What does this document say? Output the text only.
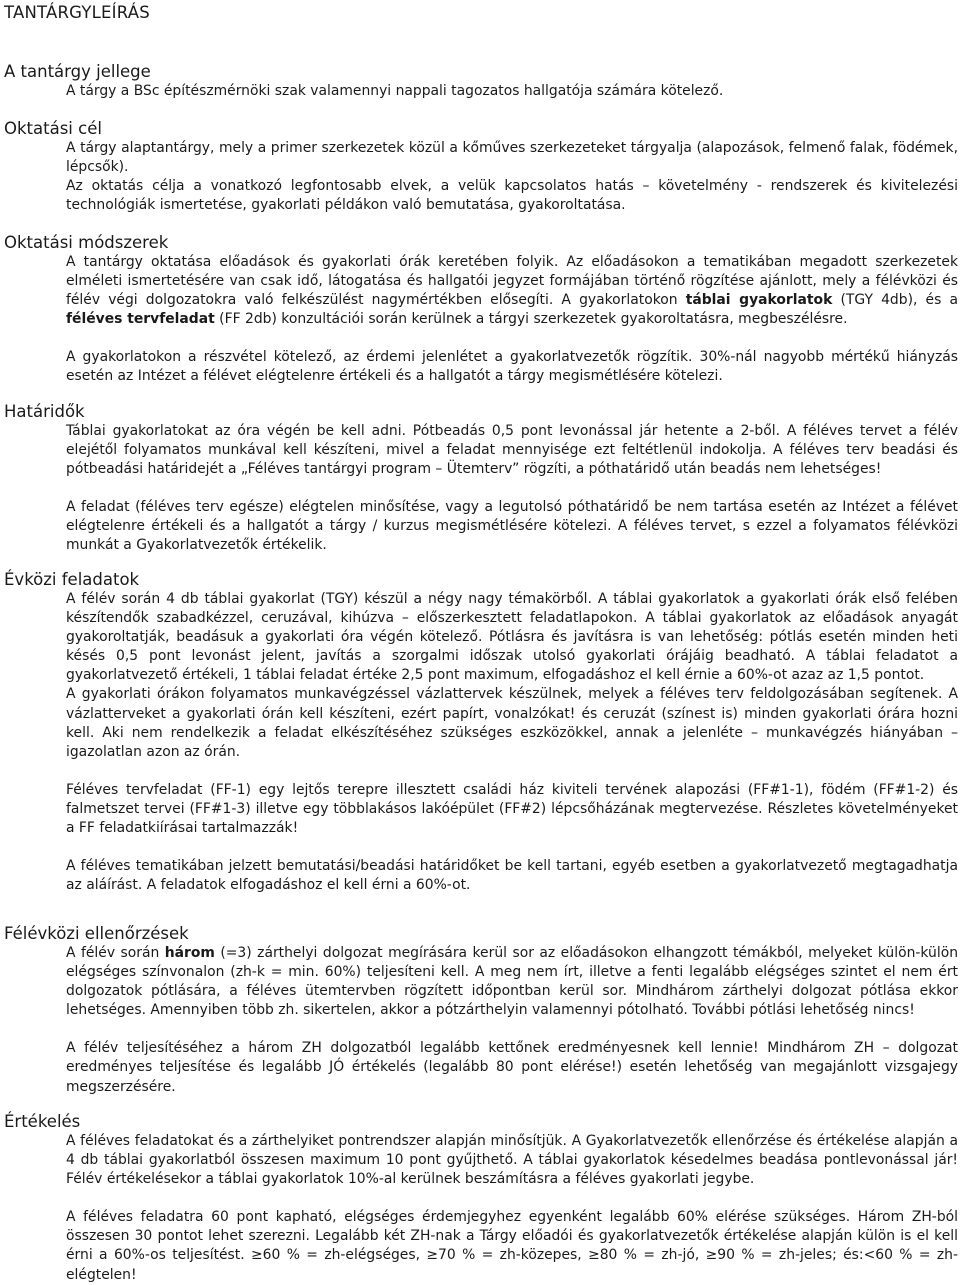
TANTÁRGYLEÍRÁS
A tantárgy jellege

A tárgy a BSc építészmérnöki szak valamennyi nappali tagozatos hallgatója számára kötelező.

Oktatási cél

A tárgy alaptantárgy, mely a primer szerkezetek közül a kőműves szerkezeteket tárgyalja (alapozások, felmenő falak, födémek, lépcsők).

Az oktatás célja a vonatkozó legfontosabb elvek, a velük kapcsolatos hatás – követelmény - rendszerek és kivitelezési technológiák ismertetése, gyakorlati példákon való bemutatása, gyakoroltatása.

Oktatási módszerek

A tantárgy oktatása előadások és gyakorlati órák keretében folyik. Az előadásokon a tematikában megadott szerkezetek elméleti ismertetésére van csak idő, látogatása és hallgatói jegyzet formájában történő rögzítése ajánlott, mely a félévközi és félév végi dolgozatokra való felkészülést nagymértékben elősegíti. A gyakorlatokon táblai gyakorlatok (TGY 4db), és a féléves tervfeladat (FF 2db) konzultációi során kerülnek a tárgyi szerkezetek gyakoroltatásra, megbeszélésre.

A gyakorlatokon a részvétel kötelező, az érdemi jelenlétet a gyakorlatvezetők rögzítik. 30%-nál nagyobb mértékű hiányzás esetén az Intézet a félévet elégtelenre értékeli és a hallgatót a tárgy megismétlésére kötelezi.

Határidők

Táblai gyakorlatokat az óra végén be kell adni. Pótbeadás 0,5 pont levonással jár hetente a 2-ből. A féléves tervet a félév elejétől folyamatos munkával kell készíteni, mivel a feladat mennyisége ezt feltétlenül indokolja. A féléves terv beadási és pótbeadási határidejét a „Féléves tantárgyi program – Ütemterv” rögzíti, a póthatáridő után beadás nem lehetséges!

A feladat (féléves terv egésze) elégtelen minősítése, vagy a legutolsó póthatáridő be nem tartása esetén az Intézet a félévet elégtelenre értékeli és a hallgatót a tárgy / kurzus megismétlésére kötelezi. A féléves tervet, s ezzel a folyamatos félévközi munkát a Gyakorlatvezetők értékelik.

Évközi feladatok

A félév során 4 db táblai gyakorlat (TGY) készül a négy nagy témakörből. A táblai gyakorlatok a gyakorlati órák első felében készítendők szabadkézzel, ceruzával, kihúzva – előszerkesztett feladatlapokon. A táblai gyakorlatok az előadások anyagát gyakoroltatják, beadásuk a gyakorlati óra végén kötelező. Pótlásra és javításra is van lehetőség: pótlás esetén minden heti késés 0,5 pont levonást jelent, javítás a szorgalmi időszak utolsó gyakorlati órájáig beadható. A táblai feladatot a gyakorlatvezető értékeli, 1 táblai feladat értéke 2,5 pont maximum, elfogadáshoz el kell érnie a 60%-ot azaz az 1,5 pontot.

A gyakorlati órákon folyamatos munkavégzéssel vázlattervek készülnek, melyek a féléves terv feldolgozásában segítenek. A vázlatterveket a gyakorlati órán kell készíteni, ezért papírt, vonalzókat! és ceruzát (színest is) minden gyakorlati órára hozni kell. Aki nem rendelkezik a feladat elkészítéséhez szükséges eszközökkel, annak a jelenléte – munkavégzés hiányában – igazolatlan azon az órán.

Féléves tervfeladat (FF-1) egy lejtős terepre illesztett családi ház kiviteli tervének alapozási (FF#1-1), födém (FF#1-2) és falmetszet tervei (FF#1-3) illetve egy többlakásos lakóépület (FF#2) lépcsőházának megtervezése. Részletes követelményeket a FF feladatkiírásai tartalmazzák!

A féléves tematikában jelzett bemutatási/beadási határidőket be kell tartani, egyéb esetben a gyakorlatvezető megtagadhatja az aláírást. A feladatok elfogadáshoz el kell érni a 60%-ot.

Félévközi ellenőrzések

A félév során három (=3) zárthelyi dolgozat megírására kerül sor az előadásokon elhangzott témákból, melyeket külön-külön elégséges színvonalon (zh-k = min. 60%) teljesíteni kell. A meg nem írt, illetve a fenti legalább elégséges szintet el nem ért dolgozatok pótlására, a féléves ütemtervben rögzített időpontban kerül sor. Mindhárom zárthelyi dolgozat pótlása ekkor lehetséges. Amennyiben több zh. sikertelen, akkor a pótzárthelyin valamennyi pótolható. További pótlási lehetőség nincs!

A félév teljesítéséhez a három ZH dolgozatból legalább kettőnek eredményesnek kell lennie! Mindhárom ZH – dolgozat eredményes teljesítése és legalább JÓ értékelés (legalább 80 pont elérése!) esetén lehetőség van megajánlott vizsgajegy megszerzésére.

Értékelés

A féléves feladatokat és a zárthelyiket pontrendszer alapján minősítjük. A Gyakorlatvezetők ellenőrzése és értékelése alapján a 4 db táblai gyakorlatból összesen maximum 10 pont gyűjthető. A táblai gyakorlatok késedelmes beadása pontlevonással jár! Félév értékelésekor a táblai gyakorlatok 10%-al kerülnek beszámításra a féléves gyakorlati jegybe.

A féléves feladatra 60 pont kapható, elégséges érdemjegyhez egyenként legalább 60% elérése szükséges. Három ZH-ból összesen 30 pontot lehet szerezni. Legalább két ZH-nak a Tárgy előadói és gyakorlatvezetők értékelése alapján külön is el kell érni a 60%-os teljesítést. ≥60 % = zh-elégséges, ≥70 % = zh-közepes, ≥80 % = zh-jó, ≥90 % = zh-jeles; és:<60 % = zh-elégtelen!
